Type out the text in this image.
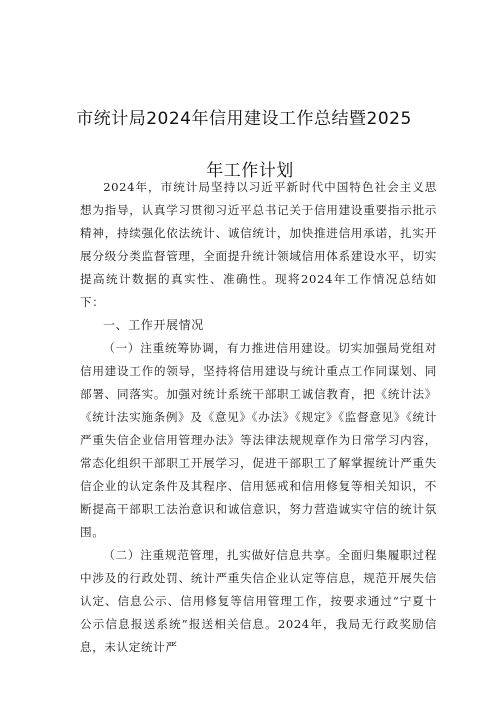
市统计局2024年信用建设工作总结暨2025
年工作计划

2024年，市统计局坚持以习近平新时代中国特色社会主义思想为指导，认真学习贯彻习近平总书记关于信用建设重要指示批示精神，持续强化依法统计、诚信统计，加快推进信用承诺，扎实开展分级分类监督管理，全面提升统计领域信用体系建设水平，切实提高统计数据的真实性、准确性。现将2024年工作情况总结如下：

一、工作开展情况

（一）注重统筹协调，有力推进信用建设。切实加强局党组对信用建设工作的领导，坚持将信用建设与统计重点工作同谋划、同部署、同落实。加强对统计系统干部职工诚信教育，把《统计法》《统计法实施条例》及《意见》《办法》《规定》《监督意见》《统计严重失信企业信用管理办法》等法律法规规章作为日常学习内容，常态化组织干部职工开展学习，促进干部职工了解掌握统计严重失信企业的认定条件及其程序、信用惩戒和信用修复等相关知识，不断提高干部职工法治意识和诚信意识，努力营造诚实守信的统计氛围。

（二）注重规范管理，扎实做好信息共享。全面归集履职过程中涉及的行政处罚、统计严重失信企业认定等信息，规范开展失信认定、信息公示、信用修复等信用管理工作，按要求通过“宁夏十公示信息报送系统”报送相关信息。2024年，我局无行政奖励信息，未认定统计严
